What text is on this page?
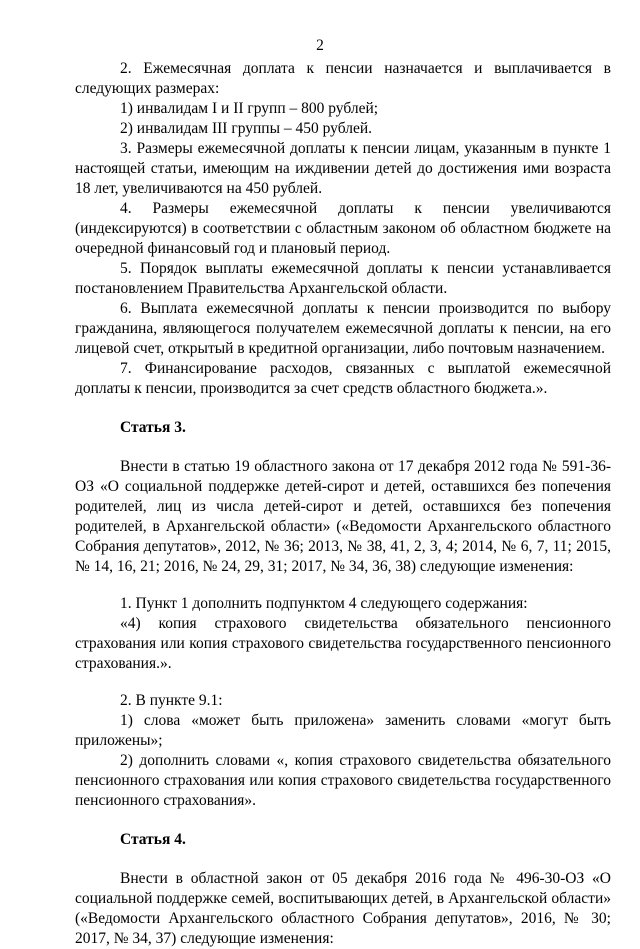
2

2. Ежемесячная доплата к пенсии назначается и выплачивается в следующих размерах:

1) инвалидам I и II групп – 800 рублей;

2) инвалидам III группы – 450 рублей.

3. Размеры ежемесячной доплаты к пенсии лицам, указанным в пункте 1 настоящей статьи, имеющим на иждивении детей до достижения ими возраста 18 лет, увеличиваются на 450 рублей.

4. Размеры ежемесячной доплаты к пенсии увеличиваются (индексируются) в соответствии с областным законом об областном бюджете на очередной финансовый год и плановый период.

5. Порядок выплаты ежемесячной доплаты к пенсии устанавливается постановлением Правительства Архангельской области.

6. Выплата ежемесячной доплаты к пенсии производится по выбору гражданина, являющегося получателем ежемесячной доплаты к пенсии, на его лицевой счет, открытый в кредитной организации, либо почтовым назначением.

7. Финансирование расходов, связанных с выплатой ежемесячной доплаты к пенсии, производится за счет средств областного бюджета.».

Статья 3.

Внести в статью 19 областного закона от 17 декабря 2012 года № 591-36-ОЗ «О социальной поддержке детей-сирот и детей, оставшихся без попечения родителей, лиц из числа детей-сирот и детей, оставшихся без попечения родителей, в Архангельской области» («Ведомости Архангельского областного Собрания депутатов», 2012, № 36; 2013, № 38, 41, 2, 3, 4; 2014, № 6, 7, 11; 2015, № 14, 16, 21; 2016, № 24, 29, 31; 2017, № 34, 36, 38) следующие изменения:

1. Пункт 1 дополнить подпунктом 4 следующего содержания:

«4) копия страхового свидетельства обязательного пенсионного страхования или копия страхового свидетельства государственного пенсионного страхования.».

2. В пункте 9.1:

1) слова «может быть приложена» заменить словами «могут быть приложены»;

2) дополнить словами «, копия страхового свидетельства обязательного пенсионного страхования или копия страхового свидетельства государственного пенсионного страхования».

Статья 4.

Внести в областной закон от 05 декабря 2016 года № 496-30-ОЗ «О социальной поддержке семей, воспитывающих детей, в Архангельской области» («Ведомости Архангельского областного Собрания депутатов», 2016, № 30; 2017, № 34, 37) следующие изменения:
